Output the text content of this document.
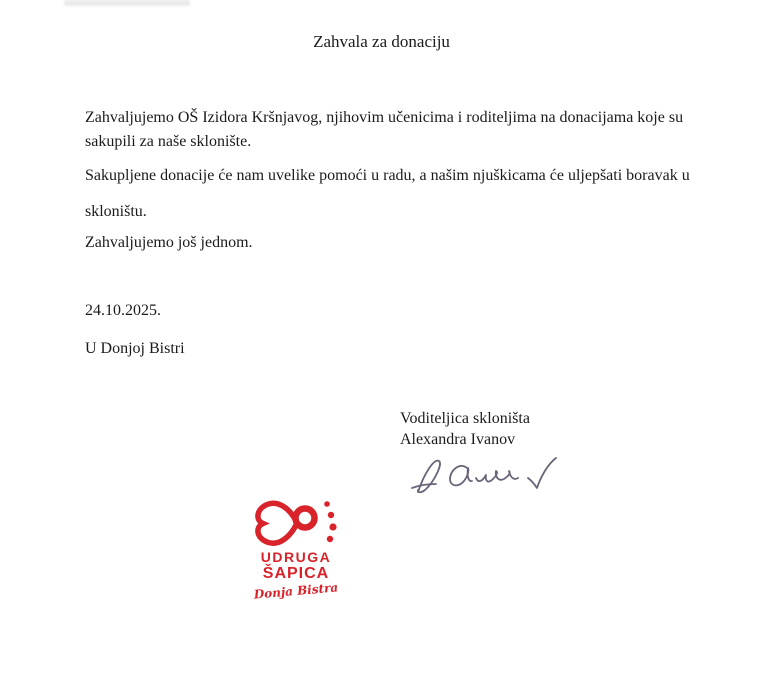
Zahvala za donaciju

Zahvaljujemo OŠ Izidora Kršnjavog, njihovim učenicima i roditeljima na donacijama koje su sakupili za naše sklonište.

Sakupljene donacije će nam uvelike pomoći u radu, a našim njuškicama će uljepšati boravak u skloništu.

Zahvaljujemo još jednom.

24.10.2025.

U Donjoj Bistri

Voditeljica skloništa
Alexandra Ivanov
UDRUGA
ŠAPICA
Donja Bistra
